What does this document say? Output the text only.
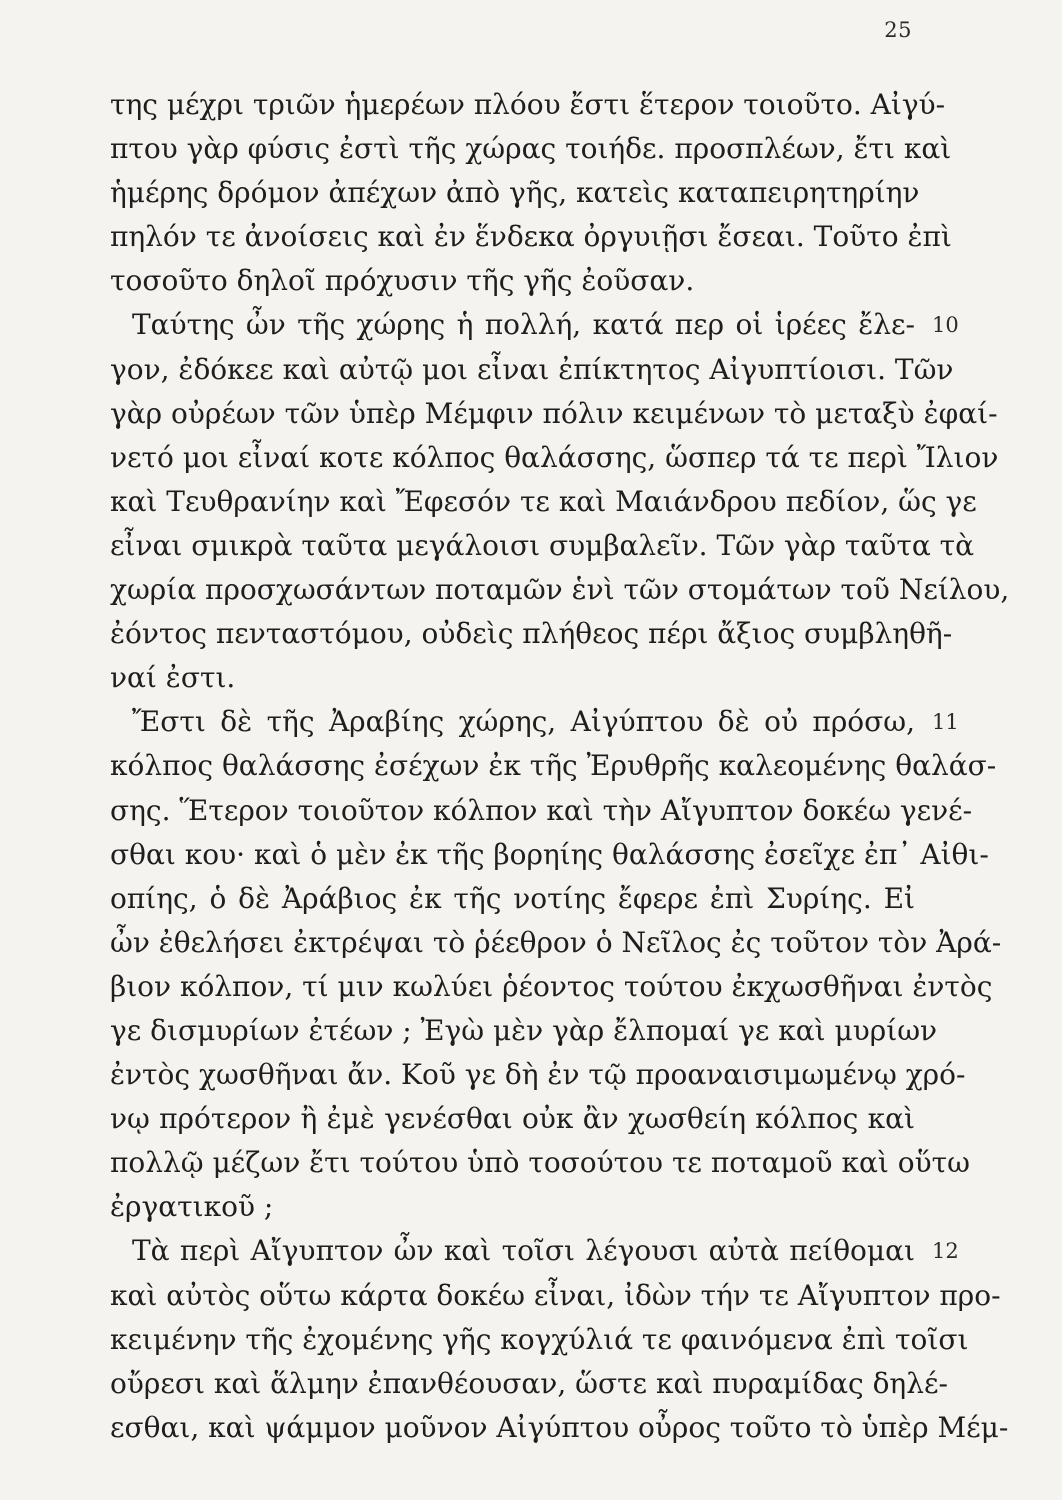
25
της μέχρι τριῶν ἡμερέων πλόου ἔστι ἕτερον τοιοῦτο. Αἰγύ-
πτου γὰρ φύσις ἐστὶ τῆς χώρας τοιήδε. προσπλέων, ἔτι καὶ
ἡμέρης δρόμον ἀπέχων ἀπὸ γῆς, κατεὶς καταπειρητηρίην
πηλόν τε ἀνοίσεις καὶ ἐν ἕνδεκα ὀργυιῇσι ἔσεαι. Τοῦτο ἐπὶ
τοσοῦτο δηλοῖ πρόχυσιν τῆς γῆς ἐοῦσαν.
Ταύτης ὦν τῆς χώρης ἡ πολλή, κατά περ οἱ ἱρέες ἔλε- 10
γον, ἐδόκεε καὶ αὐτῷ μοι εἶναι ἐπίκτητος Αἰγυπτίοισι. Τῶν
γὰρ οὐρέων τῶν ὑπὲρ Μέμφιν πόλιν κειμένων τὸ μεταξὺ ἐφαί-
νετό μοι εἶναί κοτε κόλπος θαλάσσης, ὥσπερ τά τε περὶ Ἴλιον
καὶ Τευθρανίην καὶ Ἔφεσόν τε καὶ Μαιάνδρου πεδίον, ὥς γε
εἶναι σμικρὰ ταῦτα μεγάλοισι συμβαλεῖν. Τῶν γὰρ ταῦτα τὰ
χωρία προσχωσάντων ποταμῶν ἑνὶ τῶν στομάτων τοῦ Νείλου,
ἐόντος πενταστόμου, οὐδεὶς πλήθεος πέρι ἄξιος συμβληθῆ-
ναί ἐστι.
Ἔστι δὲ τῆς Ἀραβίης χώρης, Αἰγύπτου δὲ οὐ πρόσω, 11
κόλπος θαλάσσης ἐσέχων ἐκ τῆς Ἐρυθρῆς καλεομένης θαλάσ-
σης. Ἕτερον τοιοῦτον κόλπον καὶ τὴν Αἴγυπτον δοκέω γενέ-
σθαι κου· καὶ ὁ μὲν ἐκ τῆς βορηίης θαλάσσης ἐσεῖχε ἐπ᾽ Αἰθι-
οπίης, ὁ δὲ Ἀράβιος ἐκ τῆς νοτίης ἔφερε ἐπὶ Συρίης. Εἰ
ὦν ἐθελήσει ἐκτρέψαι τὸ ῥέεθρον ὁ Νεῖλος ἐς τοῦτον τὸν Ἀρά-
βιον κόλπον, τί μιν κωλύει ῥέοντος τούτου ἐκχωσθῆναι ἐντὸς
γε δισμυρίων ἐτέων ; Ἐγὼ μὲν γὰρ ἔλπομαί γε καὶ μυρίων
ἐντὸς χωσθῆναι ἄν. Κοῦ γε δὴ ἐν τῷ προαναισιμωμένῳ χρό-
νῳ πρότερον ἢ ἐμὲ γενέσθαι οὐκ ἂν χωσθείη κόλπος καὶ
πολλῷ μέζων ἔτι τούτου ὑπὸ τοσούτου τε ποταμοῦ καὶ οὕτω
ἐργατικοῦ ;
Τὰ περὶ Αἴγυπτον ὦν καὶ τοῖσι λέγουσι αὐτὰ πείθομαι 12
καὶ αὐτὸς οὕτω κάρτα δοκέω εἶναι, ἰδὼν τήν τε Αἴγυπτον προ-
κειμένην τῆς ἐχομένης γῆς κογχύλιά τε φαινόμενα ἐπὶ τοῖσι
οὔρεσι καὶ ἅλμην ἐπανθέουσαν, ὥστε καὶ πυραμίδας δηλέ-
εσθαι, καὶ ψάμμον μοῦνον Αἰγύπτου οὖρος τοῦτο τὸ ὑπὲρ Μέμ-
